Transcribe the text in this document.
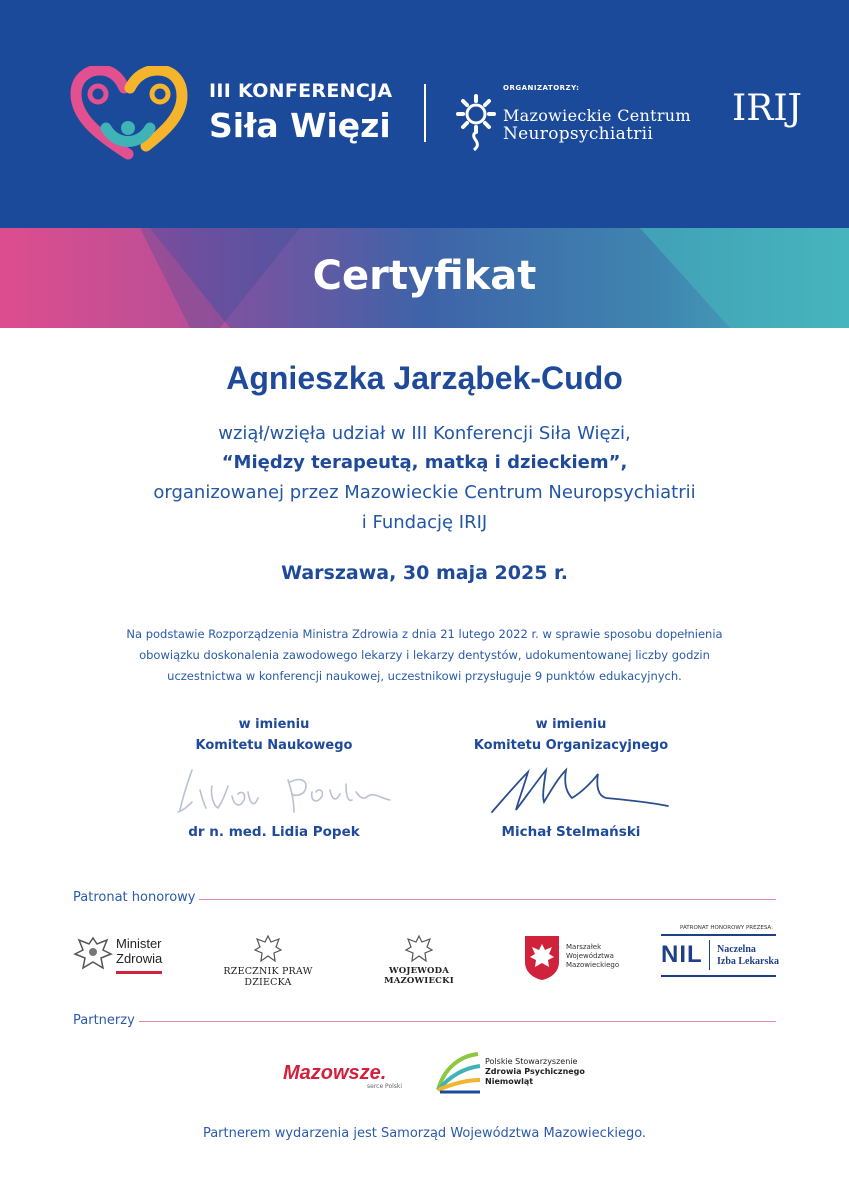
III KONFERENCJA
Siła Więzi
ORGANIZATORZY:
Mazowieckie Centrum
Neuropsychiatrii
IRIJ
Certyfikat
Agnieszka Jarząbek-Cudo
wziął/wzięła udział w III Konferencji Siła Więzi,
“Między terapeutą, matką i dzieckiem”,
organizowanej przez Mazowieckie Centrum Neuropsychiatrii
i Fundację IRIJ
Warszawa, 30 maja 2025 r.
Na podstawie Rozporządzenia Ministra Zdrowia z dnia 21 lutego 2022 r. w sprawie sposobu dopełnienia
obowiązku doskonalenia zawodowego lekarzy i lekarzy dentystów, udokumentowanej liczby godzin
uczestnictwa w konferencji naukowej, uczestnikowi przysługuje 9 punktów edukacyjnych.
w imieniu
Komitetu Naukowego
w imieniu
Komitetu Organizacyjnego
dr n. med. Lidia Popek	Michał Stelmański
Patronat honorowy
Minister
Zdrowia
RZECZNIK PRAW DZIECKA
WOJEWODA MAZOWIECKI
Marszałek
Województwa
Mazowieckiego
PATRONAT HONOROWY PREZESA:
NIL Naczelna
Izba Lekarska
Partnerzy
Mazowsze.
serce Polski
Polskie Stowarzyszenie
Zdrowia Psychicznego
Niemowląt
Partnerem wydarzenia jest Samorząd Województwa Mazowieckiego.
